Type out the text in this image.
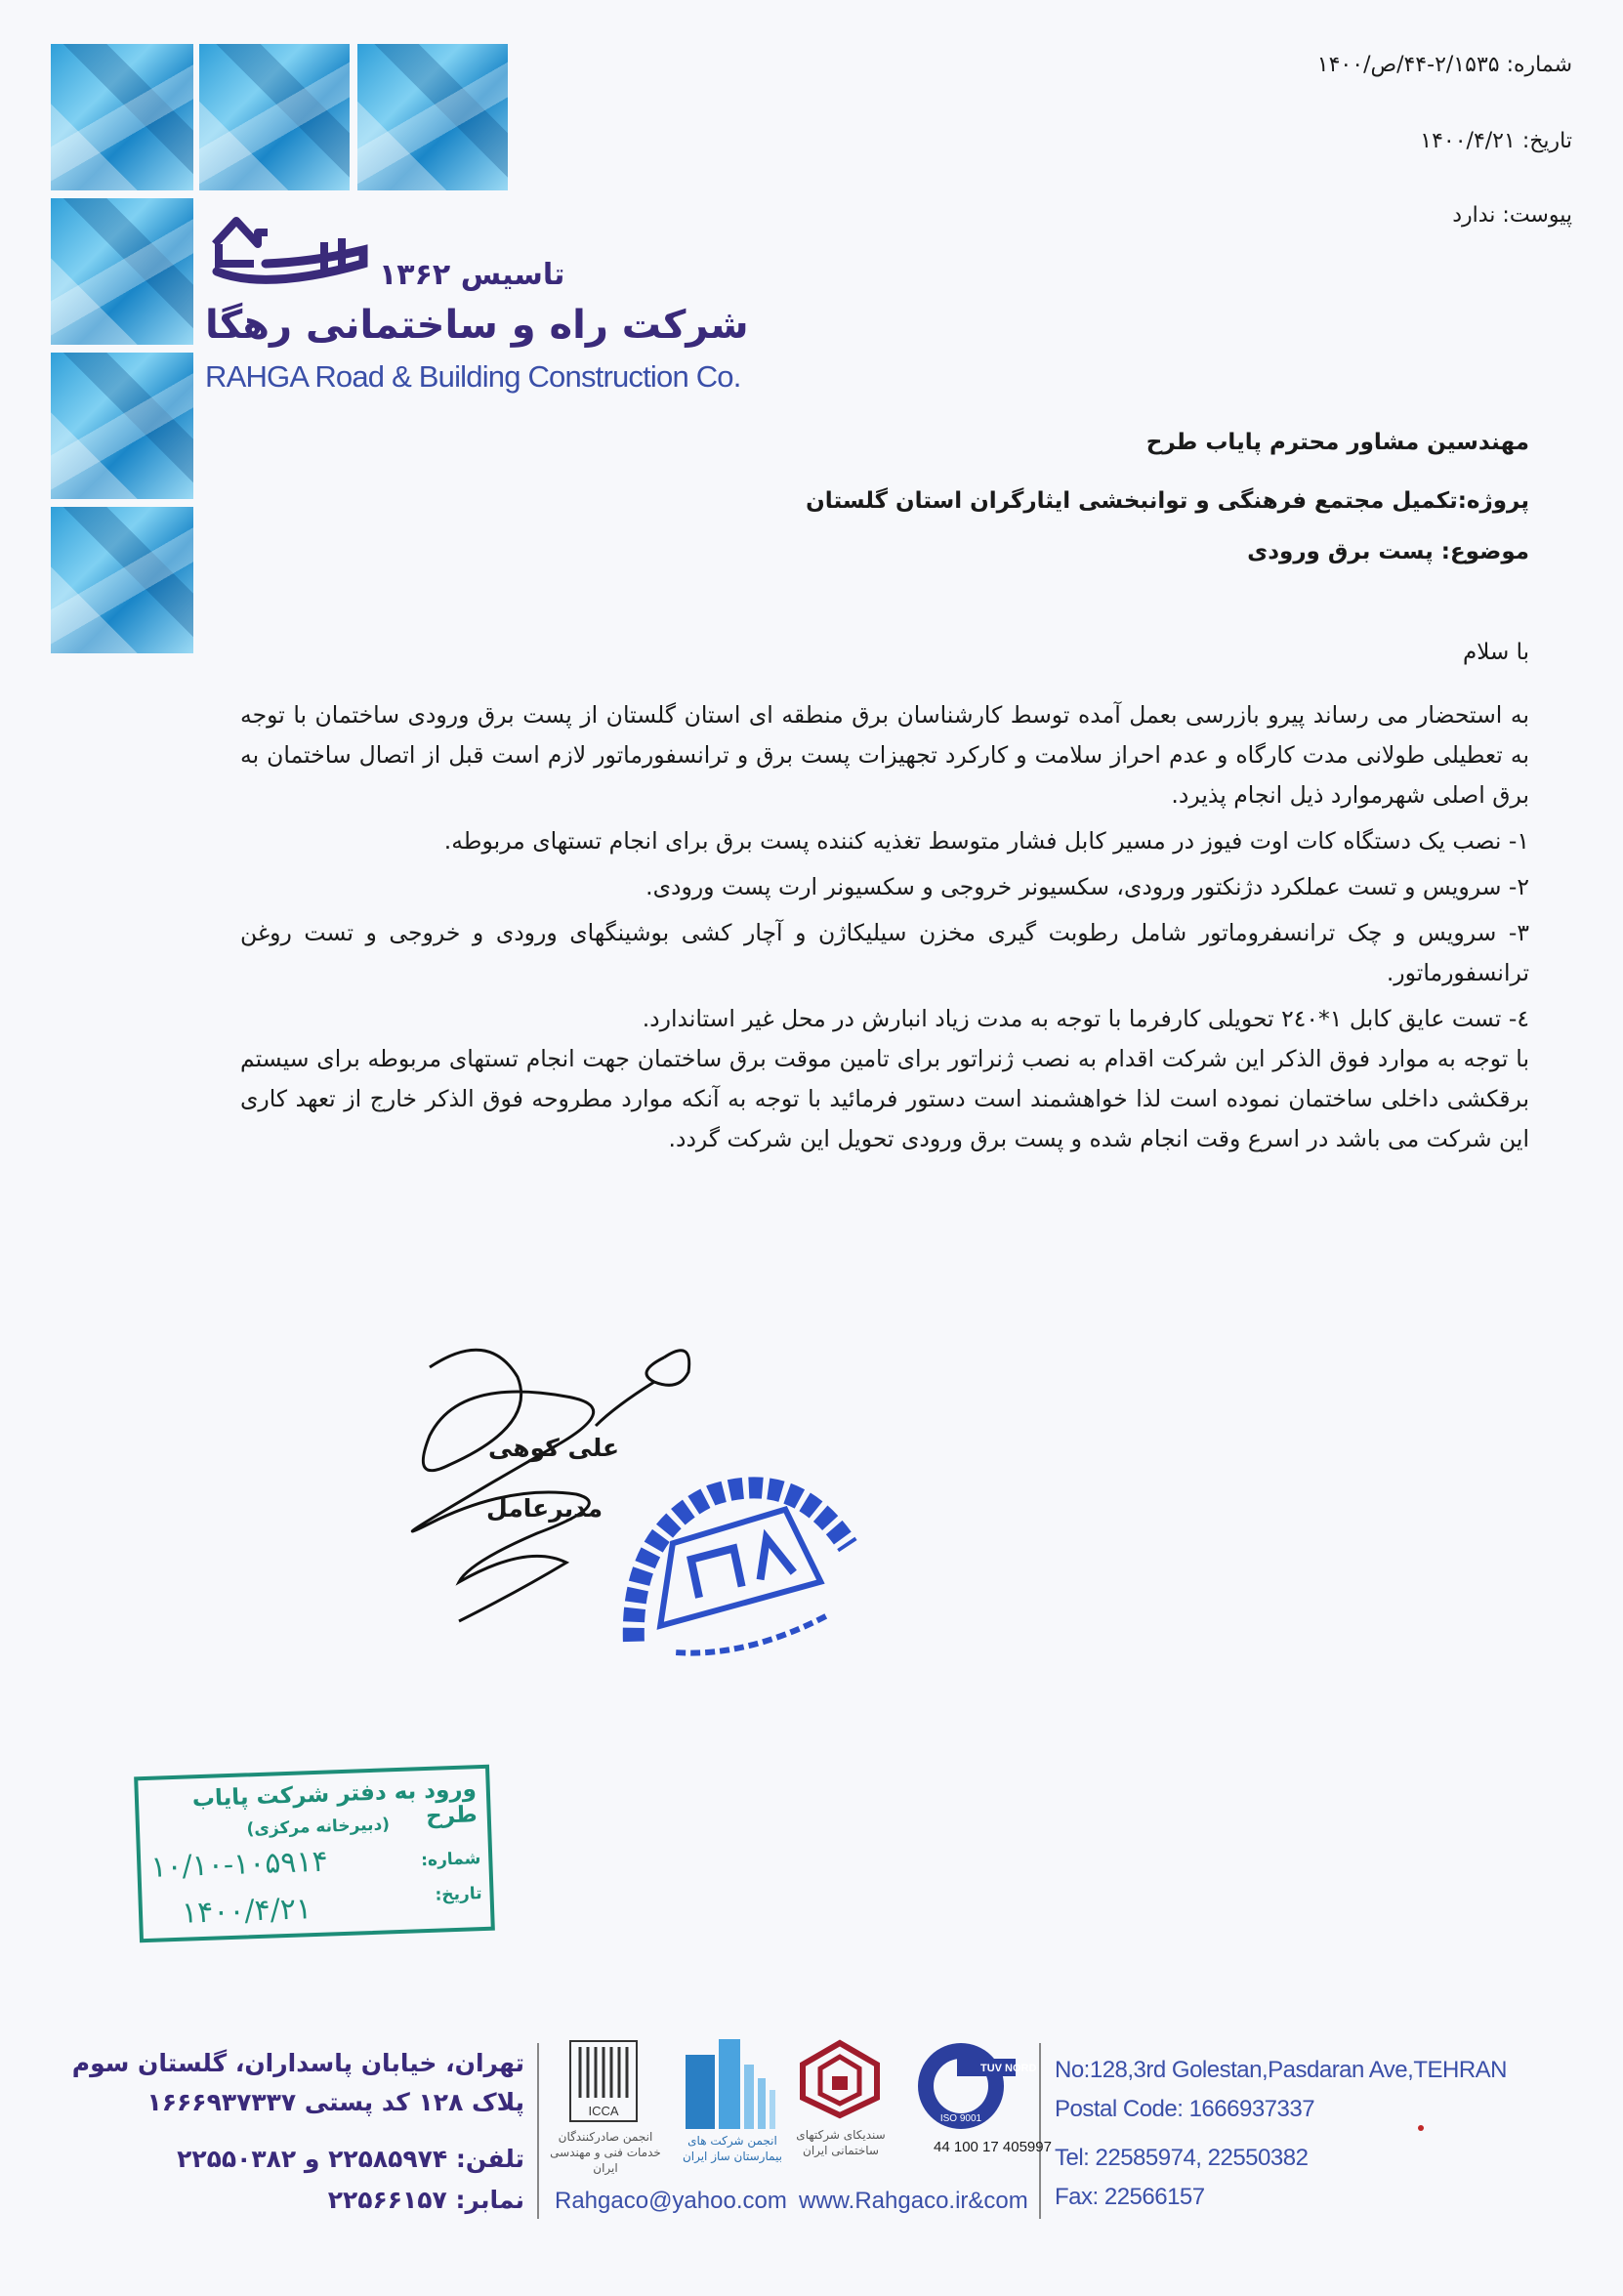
شماره: ۲/۱۵۳۵-۴۴/ص/۱۴۰۰
تاریخ: ۱۴۰۰/۴/۲۱
پیوست: ندارد
تاسیس ۱۳۶۲
شرکت راه و ساختمانی رهگا
RAHGA Road & Building Construction Co.
مهندسین مشاور محترم پایاب طرح
پروژه:تکمیل مجتمع فرهنگی و توانبخشی ایثارگران استان گلستان
موضوع: پست برق ورودی
با سلام

به استحضار می رساند پیرو بازرسی بعمل آمده توسط کارشناسان برق منطقه ای استان گلستان از پست برق ورودی ساختمان با توجه به تعطیلی طولانی مدت کارگاه و عدم احراز سلامت و کارکرد تجهیزات پست برق و ترانسفورماتور لازم است قبل از اتصال ساختمان به برق اصلی شهرموارد ذیل انجام پذیرد.

۱- نصب یک دستگاه کات اوت فیوز در مسیر کابل فشار متوسط تغذیه کننده پست برق برای انجام تستهای مربوطه.

۲- سرویس و تست عملکرد دژنکتور ورودی، سکسیونر خروجی و سکسیونر ارت پست ورودی.

۳- سرویس و چک ترانسفروماتور شامل رطوبت گیری مخزن سیلیکاژن و آچار کشی بوشینگهای ورودی و خروجی و تست روغن ترانسفورماتور.

٤- تست عایق کابل ۱*۲٤۰ تحویلی کارفرما با توجه به مدت زیاد انبارش در محل غیر استاندارد.

با توجه به موارد فوق الذکر این شرکت اقدام به نصب ژنراتور برای تامین موقت برق ساختمان جهت انجام تستهای مربوطه برای سیستم برقکشی داخلی ساختمان نموده است لذا خواهشمند است دستور فرمائید با توجه به آنکه موارد مطروحه فوق الذکر خارج از تعهد کاری این شرکت می باشد در اسرع وقت انجام شده و پست برق ورودی تحویل این شرکت گردد.

علی کوهی
مدیرعامل
ورود به دفتر شرکت پایاب طرح
(دبیرخانه مرکزی)
شماره:
تاریخ:
۱۰/۱۰-۱۰۵۹۱۴
۱۴۰۰/۴/۲۱
تهران، خیابان پاسداران، گلستان سوم
پلاک ۱۲۸ کد پستی ۱۶۶۶۹۳۷۳۳۷
تلفن: ۲۲۵۸۵۹۷۴ و ۲۲۵۵۰۳۸۲
نمابر: ۲۲۵۶۶۱۵۷
ICCA
انجمن صادرکنندگان خدمات فنی و مهندسی ایران
انجمن شرکت های بیمارستان ساز ایران
سندیکای شرکتهای ساختمانی ایران
TUV NORD
ISO 9001
44 100 17 405997
Rahgaco@yahoo.com www.Rahgaco.ir&com
No:128,3rd Golestan,Pasdaran Ave,TEHRAN
Postal Code: 1666937337
Tel: 22585974, 22550382
Fax: 22566157
